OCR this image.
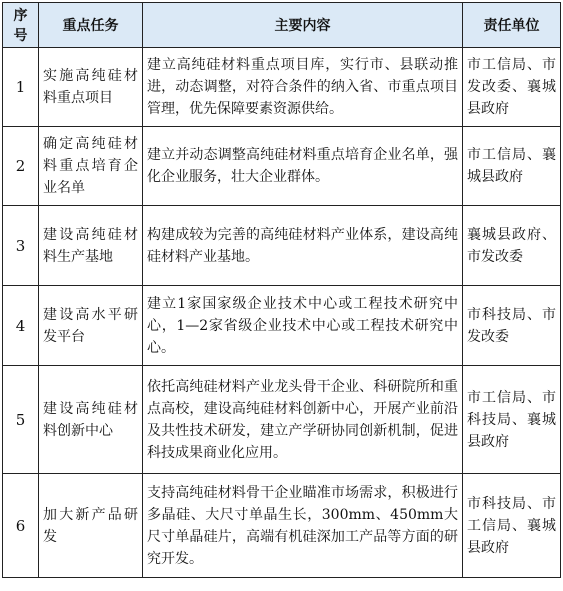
序号	重点任务	主要内容	责任单位
1	实施高纯硅材料重点项目	建立高纯硅材料重点项目库，实行市、县联动推进，动态调整，对符合条件的纳入省、市重点项目管理，优先保障要素资源供给。	市工信局、市发改委、襄城县政府
2	确定高纯硅材料重点培育企业名单	建立并动态调整高纯硅材料重点培育企业名单，强化企业服务，壮大企业群体。	市工信局、襄城县政府
3	建设高纯硅材料生产基地	构建成较为完善的高纯硅材料产业体系，建设高纯硅材料产业基地。	襄城县政府、市发改委
4	建设高水平研发平台	建立1家国家级企业技术中心或工程技术研究中心，1—2家省级企业技术中心或工程技术研究中心。	市科技局、市发改委
5	建设高纯硅材料创新中心	依托高纯硅材料产业龙头骨干企业、科研院所和重点高校，建设高纯硅材料创新中心，开展产业前沿及共性技术研发，建立产学研协同创新机制，促进科技成果商业化应用。	市工信局、市科技局、襄城县政府
6	加大新产品研发	支持高纯硅材料骨干企业瞄准市场需求，积极进行多晶硅、大尺寸单晶生长，300mm、450mm大尺寸单晶硅片，高端有机硅深加工产品等方面的研究开发。	市科技局、市工信局、襄城县政府
